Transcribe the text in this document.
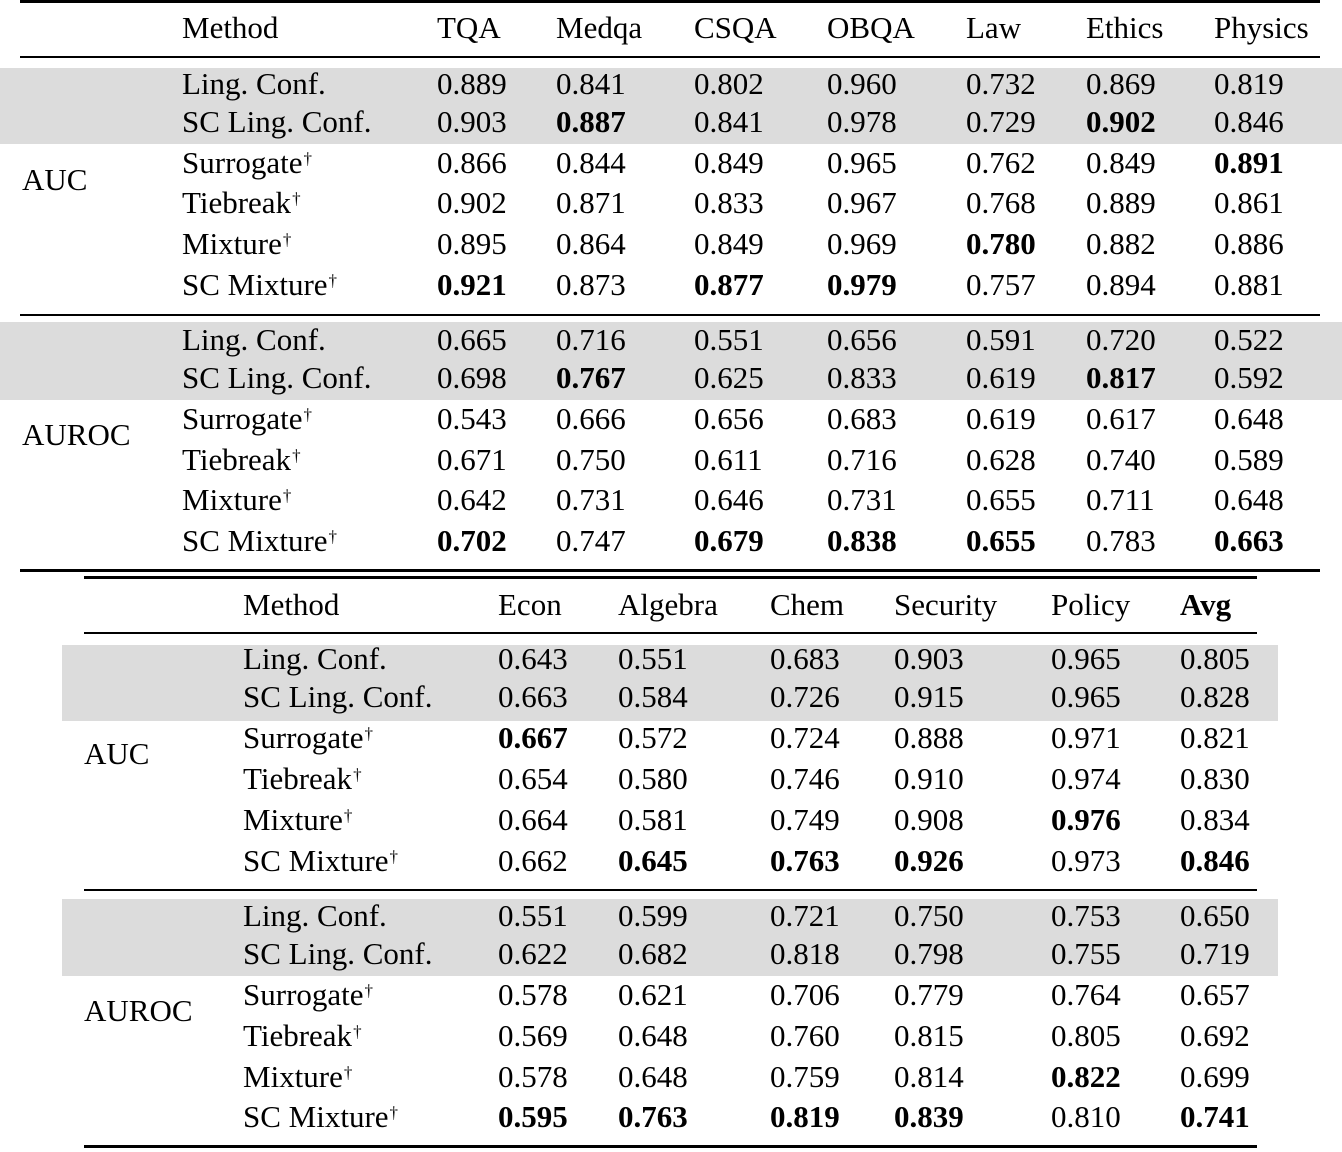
Method	TQA Medqa CSQA OBQA Law Ethics Physics
AUC
Ling. Conf.	0.889 0.841 0.802 0.960 0.732 0.869 0.819
SC Ling. Conf. 0.903 0.887 0.841 0.978 0.729 0.902 0.846
Surrogate†	0.866 0.844 0.849 0.965 0.762 0.849 0.891
Tiebreak†	0.902 0.871 0.833 0.967 0.768 0.889 0.861
Mixture†	0.895 0.864 0.849 0.969 0.780 0.882 0.886
SC Mixture†	0.921 0.873 0.877 0.979 0.757 0.894 0.881
AUROC
Ling. Conf.	0.665 0.716 0.551 0.656 0.591 0.720 0.522
SC Ling. Conf. 0.698 0.767 0.625 0.833 0.619 0.817 0.592
Surrogate†	0.543 0.666 0.656 0.683 0.619 0.617 0.648
Tiebreak†	0.671 0.750 0.611 0.716 0.628 0.740 0.589
Mixture†	0.642 0.731 0.646 0.731 0.655 0.711 0.648
SC Mixture†	0.702 0.747 0.679 0.838 0.655 0.783 0.663
Method	Econ Algebra Chem Security Policy Avg
AUC
Ling. Conf.	0.643 0.551	0.683 0.903	0.965 0.805
SC Ling. Conf. 0.663 0.584	0.726 0.915	0.965 0.828
Surrogate†	0.667 0.572	0.724 0.888	0.971 0.821
Tiebreak†	0.654 0.580	0.746 0.910	0.974 0.830
Mixture†	0.664 0.581	0.749 0.908	0.976 0.834
SC Mixture†	0.662 0.645	0.763 0.926	0.973 0.846
AUROC
Ling. Conf.	0.551 0.599	0.721 0.750	0.753 0.650
SC Ling. Conf. 0.622 0.682	0.818 0.798	0.755 0.719
Surrogate†	0.578 0.621	0.706 0.779	0.764 0.657
Tiebreak†	0.569 0.648	0.760 0.815	0.805 0.692
Mixture†	0.578 0.648	0.759 0.814	0.822 0.699
SC Mixture†	0.595 0.763	0.819 0.839	0.810 0.741
